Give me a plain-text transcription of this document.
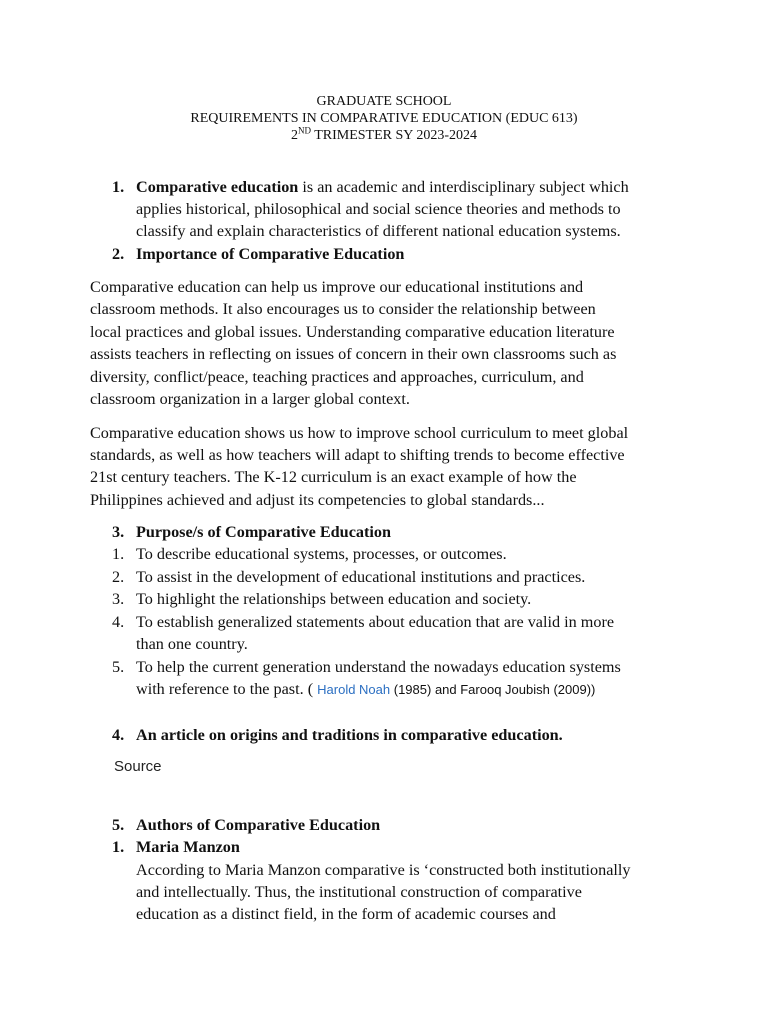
GRADUATE SCHOOL
REQUIREMENTS IN COMPARATIVE EDUCATION (EDUC 613)
2ND TRIMESTER SY 2023-2024
1. Comparative education is an academic and interdisciplinary subject which
applies historical, philosophical and social science theories and methods to
classify and explain characteristics of different national education systems.
2. Importance of Comparative Education
Comparative education can help us improve our educational institutions and
classroom methods. It also encourages us to consider the relationship between
local practices and global issues. Understanding comparative education literature
assists teachers in reflecting on issues of concern in their own classrooms such as
diversity, conflict/peace, teaching practices and approaches, curriculum, and
classroom organization in a larger global context.
Comparative education shows us how to improve school curriculum to meet global
standards, as well as how teachers will adapt to shifting trends to become effective
21st century teachers. The K-12 curriculum is an exact example of how the
Philippines achieved and adjust its competencies to global standards...
3. Purpose/s of Comparative Education
1. To describe educational systems, processes, or outcomes.
2. To assist in the development of educational institutions and practices.
3. To highlight the relationships between education and society.
4. To establish generalized statements about education that are valid in more
than one country.
5. To help the current generation understand the nowadays education systems
with reference to the past. ( Harold Noah (1985) and Farooq Joubish (2009))
4. An article on origins and traditions in comparative education.
Source
5. Authors of Comparative Education
1. Maria Manzon
According to Maria Manzon comparative is ‘constructed both institutionally
and intellectually. Thus, the institutional construction of comparative
education as a distinct field, in the form of academic courses and
